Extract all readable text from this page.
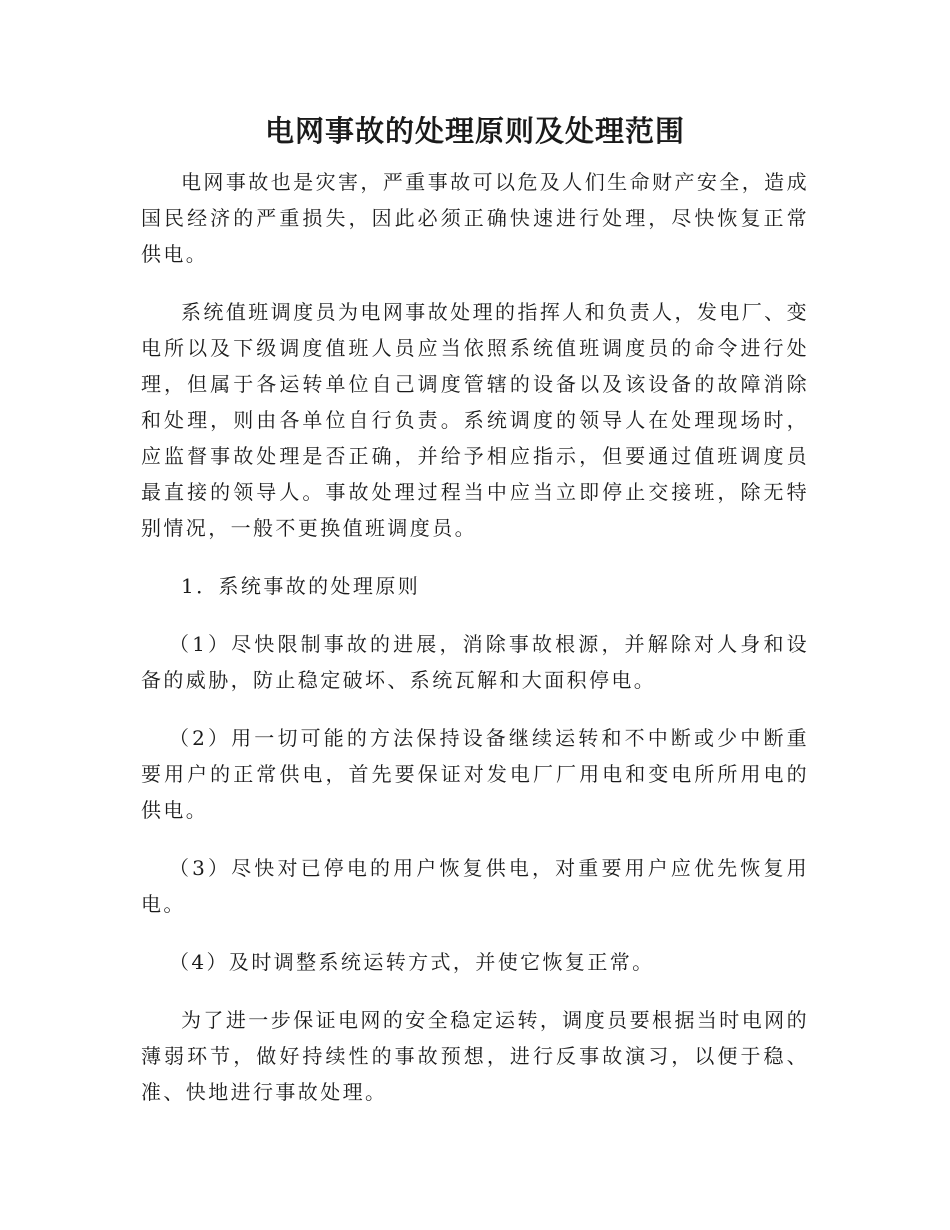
电网事故的处理原则及处理范围

电网事故也是灾害，严重事故可以危及人们生命财产安全，造成国民经济的严重损失，因此必须正确快速进行处理，尽快恢复正常供电。

系统值班调度员为电网事故处理的指挥人和负责人，发电厂、变电所以及下级调度值班人员应当依照系统值班调度员的命令进行处理，但属于各运转单位自己调度管辖的设备以及该设备的故障消除和处理，则由各单位自行负责。系统调度的领导人在处理现场时，应监督事故处理是否正确，并给予相应指示，但要通过值班调度员最直接的领导人。事故处理过程当中应当立即停止交接班，除无特别情况，一般不更换值班调度员。

1．系统事故的处理原则

（1）尽快限制事故的进展，消除事故根源，并解除对人身和设备的威胁，防止稳定破坏、系统瓦解和大面积停电。

（2）用一切可能的方法保持设备继续运转和不中断或少中断重要用户的正常供电，首先要保证对发电厂厂用电和变电所所用电的供电。

（3）尽快对已停电的用户恢复供电，对重要用户应优先恢复用电。

（4）及时调整系统运转方式，并使它恢复正常。

为了进一步保证电网的安全稳定运转，调度员要根据当时电网的薄弱环节，做好持续性的事故预想，进行反事故演习，以便于稳、准、快地进行事故处理。
